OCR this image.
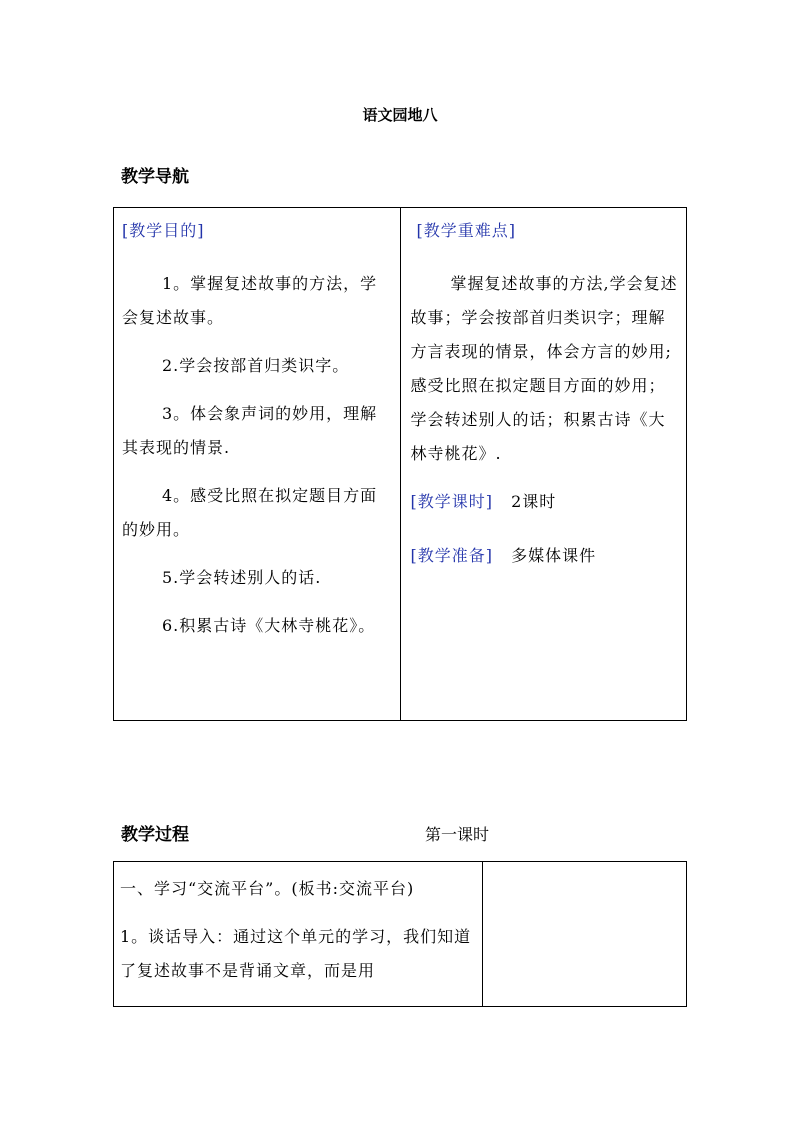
语文园地八
教学导航
[教学目的]
1。掌握复述故事的方法，学会复述故事。
2.学会按部首归类识字。
3。体会象声词的妙用，理解其表现的情景.
4。感受比照在拟定题目方面的妙用。
5.学会转述别人的话.
6.积累古诗《大林寺桃花》。

[教学重难点]
掌握复述故事的方法,学会复述故事；学会按部首归类识字；理解方言表现的情景，体会方言的妙用;感受比照在拟定题目方面的妙用；学会转述别人的话；积累古诗《大林寺桃花》.
[教学课时] 2课时
[教学准备] 多媒体课件
教学过程	第一课时
一、学习“交流平台”。(板书:交流平台)
1。谈话导入：通过这个单元的学习，我们知道了复述故事不是背诵文章，而是用
